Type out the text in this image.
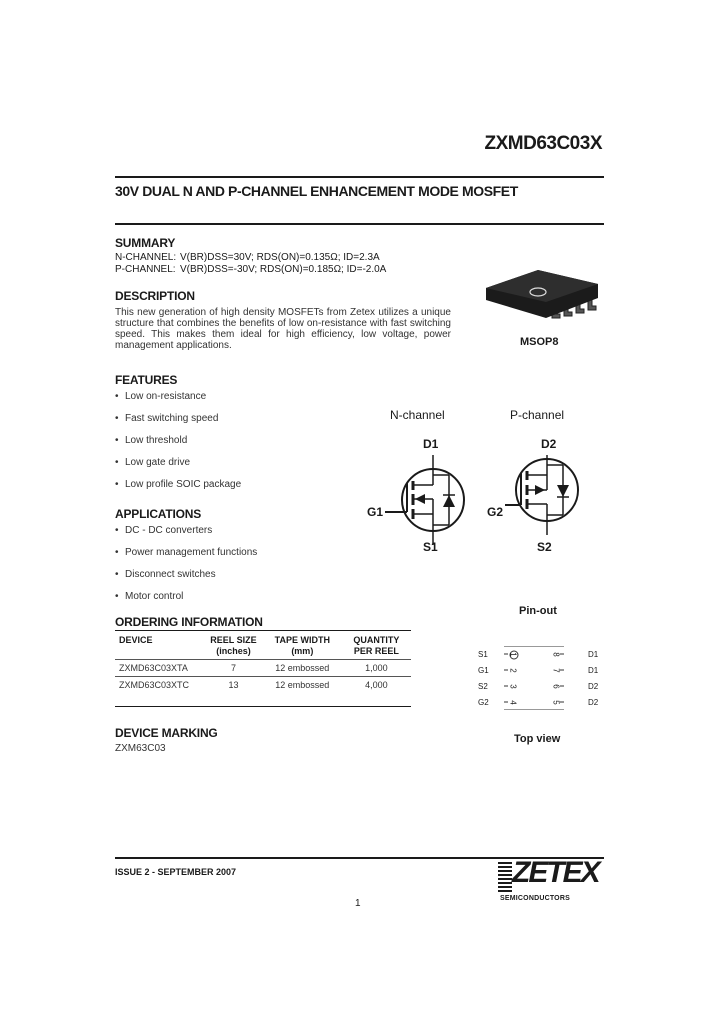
ZXMD63C03X
30V DUAL N AND P-CHANNEL ENHANCEMENT MODE MOSFET
SUMMARY
N-CHANNEL: V(BR)DSS=30V; RDS(ON)=0.135Ω; ID=2.3A
P-CHANNEL: V(BR)DSS=-30V; RDS(ON)=0.185Ω; ID=-2.0A
DESCRIPTION
This new generation of high density MOSFETs from Zetex utilizes a unique structure that combines the benefits of low on-resistance with fast switching speed. This makes them ideal for high efficiency, low voltage, power management applications.	MSOP8
FEATURES
• Low on-resistance
• Fast switching speed
• Low threshold
• Low gate drive
• Low profile SOIC package
APPLICATIONS
• DC - DC converters
• Power management functions
• Disconnect switches
• Motor control
N-channel	P-channel
D1
G1
S1
D2
G2
S2
ORDERING INFORMATION
DEVICE	REEL SIZE (inches)	TAPE WIDTH (mm)	QUANTITY PER REEL
ZXMD63C03XTA	7	12 embossed	1,000
ZXMD63C03XTC	13	12 embossed	4,000
Pin-out
S1
G1
S2
G2
1
2
3
4
8
7
6
5
D1
D1
D2
D2
Top view
DEVICE MARKING
ZXM63C03
ISSUE 2 - SEPTEMBER 2007
1
ZETEX
SEMICONDUCTORS
